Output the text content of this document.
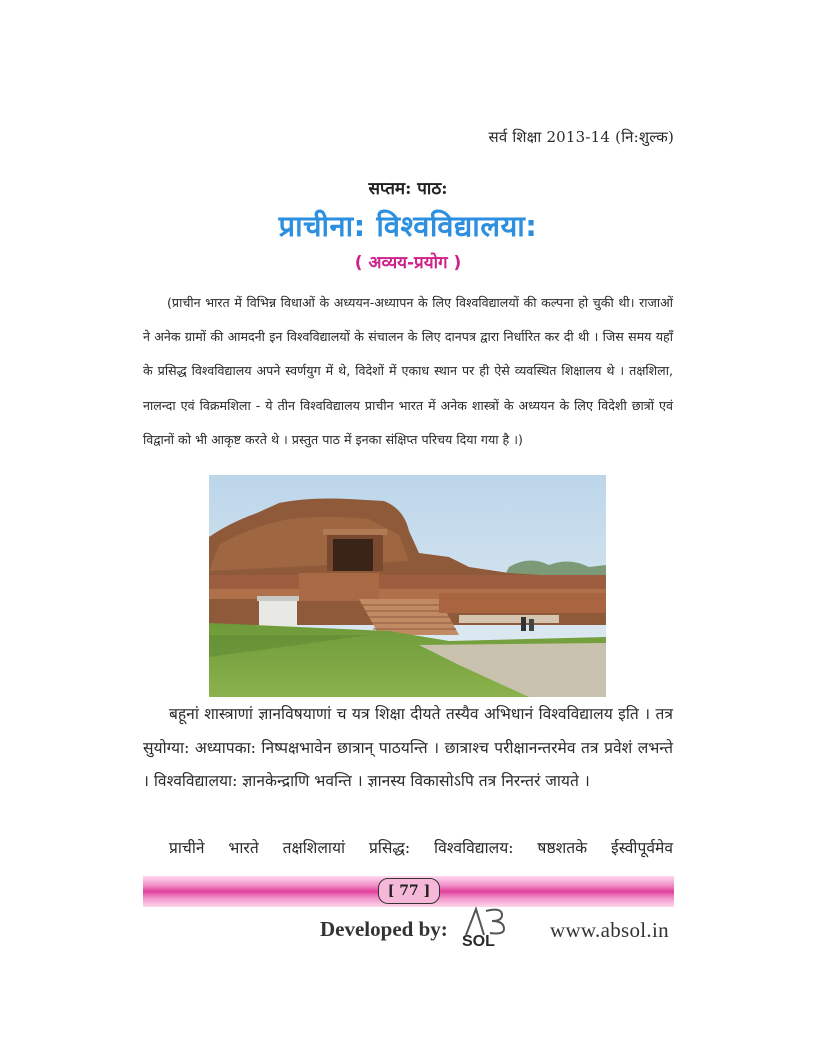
सर्व शिक्षा 2013-14 (नि:शुल्क)
सप्तम: पाठ:
प्राचीना: विश्वविद्यालया:
( अव्यय-प्रयोग )

(प्राचीन भारत में विभिन्न विधाओं के अध्ययन-अध्यापन के लिए विश्वविद्यालयों की कल्पना हो चुकी थी। राजाओं ने अनेक ग्रामों की आमदनी इन विश्वविद्यालयों के संचालन के लिए दानपत्र द्वारा निर्धारित कर दी थी । जिस समय यहाँ के प्रसिद्ध विश्वविद्यालय अपने स्वर्णयुग में थे, विदेशों में एकाध स्थान पर ही ऐसे व्यवस्थित शिक्षालय थे । तक्षशिला, नालन्दा एवं विक्रमशिला - ये तीन विश्वविद्यालय प्राचीन भारत में अनेक शास्त्रों के अध्ययन के लिए विदेशी छात्रों एवं विद्वानों को भी आकृष्ट करते थे । प्रस्तुत पाठ में इनका संक्षिप्त परिचय दिया गया है ।)

बहूनां शास्त्राणां ज्ञानविषयाणां च यत्र शिक्षा दीयते तस्यैव अभिधानं विश्वविद्यालय इति । तत्र सुयोग्या: अध्यापका: निष्पक्षभावेन छात्रान् पाठयन्ति । छात्राश्च परीक्षानन्तरमेव तत्र प्रवेशं लभन्ते । विश्वविद्यालया: ज्ञानकेन्द्राणि भवन्ति । ज्ञानस्य विकासोऽपि तत्र निरन्तरं जायते ।

प्राचीने भारते तक्षशिलायां प्रसिद्ध: विश्वविद्यालय: षष्ठशतके ईस्वीपूर्वमेव

[ 77 ]
Developed by:
SOL	www.absol.in
